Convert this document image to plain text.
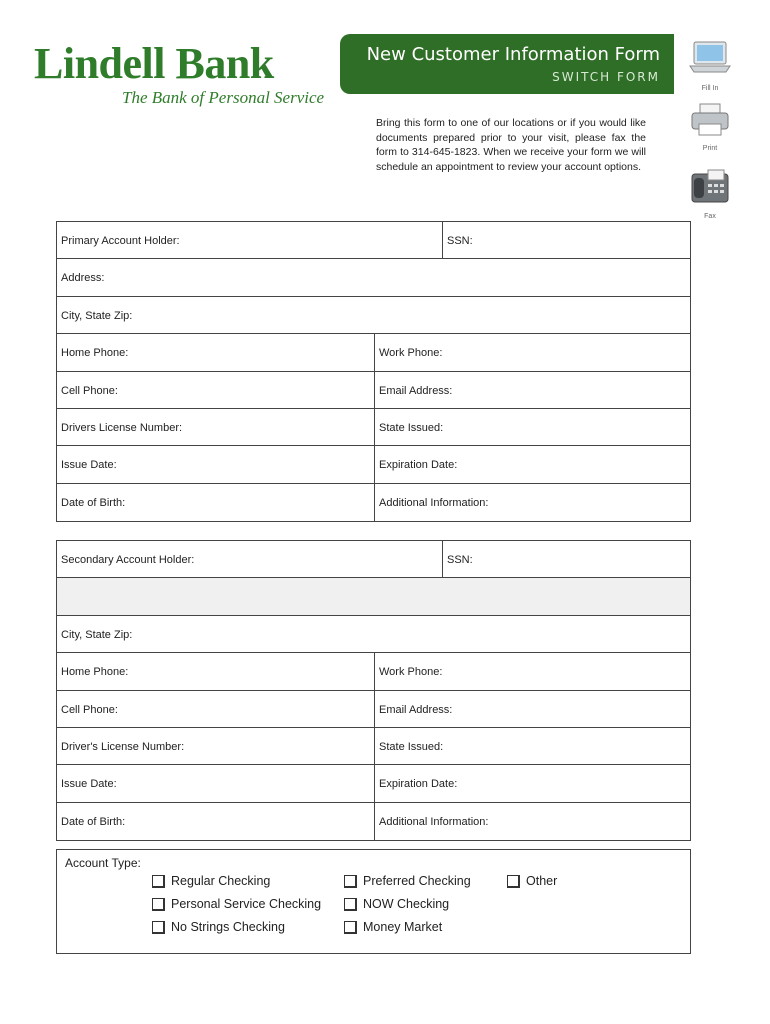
Lindell Bank
The Bank of Personal Service
New Customer Information Form
SWITCH FORM
Fill In
Print
Fax
Bring this form to one of our locations or if you would like documents prepared prior to your visit, please fax the form to 314-645-1823. When we receive your form we will schedule an appointment to review your account options.
Primary Account Holder:	SSN:
Address:
City, State Zip:
Home Phone:	Work Phone:
Cell Phone:	Email Address:
Drivers License Number:	State Issued:
Issue Date:	Expiration Date:
Date of Birth:	Additional Information:
Secondary Account Holder:	SSN:
City, State Zip:
Home Phone:	Work Phone:
Cell Phone:	Email Address:
Driver's License Number:	State Issued:
Issue Date:	Expiration Date:
Date of Birth:	Additional Information:
Account Type:
Regular Checking
Personal Service Checking
No Strings Checking
Preferred Checking
NOW Checking
Money Market
Other
